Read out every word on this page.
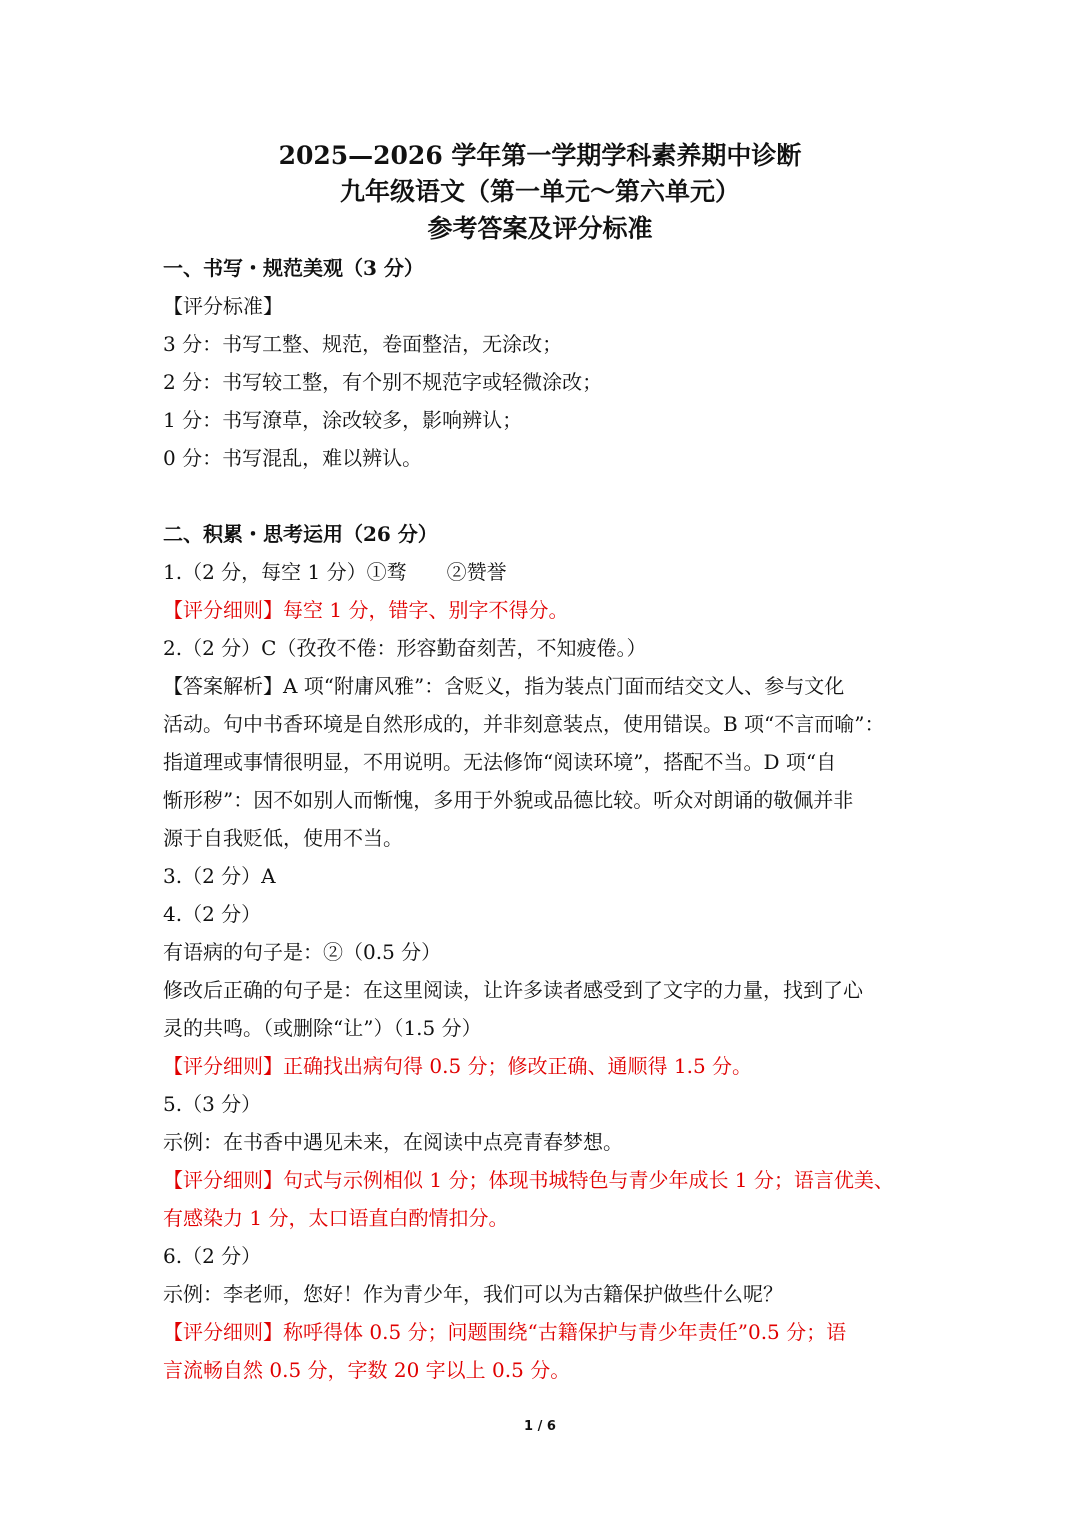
2025—2026 学年第一学期学科素养期中诊断
九年级语文（第一单元～第六单元）
参考答案及评分标准
一、书写・规范美观（3 分）
【评分标准】
3 分：书写工整、规范，卷面整洁，无涂改；
2 分：书写较工整，有个别不规范字或轻微涂改；
1 分：书写潦草，涂改较多，影响辨认；
0 分：书写混乱，难以辨认。
二、积累・思考运用（26 分）
1.（2 分，每空 1 分）①骛　　②赞誉
【评分细则】每空 1 分，错字、别字不得分。
2.（2 分）C（孜孜不倦：形容勤奋刻苦，不知疲倦。）
【答案解析】A 项“附庸风雅”：含贬义，指为装点门面而结交文人、参与文化
活动。句中书香环境是自然形成的，并非刻意装点，使用错误。B 项“不言而喻”：
指道理或事情很明显，不用说明。无法修饰“阅读环境”，搭配不当。D 项“自
惭形秽”：因不如别人而惭愧，多用于外貌或品德比较。听众对朗诵的敬佩并非
源于自我贬低，使用不当。
3.（2 分）A
4.（2 分）
有语病的句子是：②（0.5 分）
修改后正确的句子是：在这里阅读，让许多读者感受到了文字的力量，找到了心
灵的共鸣。（或删除“让”）（1.5 分）
【评分细则】正确找出病句得 0.5 分；修改正确、通顺得 1.5 分。
5.（3 分）
示例：在书香中遇见未来，在阅读中点亮青春梦想。
【评分细则】句式与示例相似 1 分；体现书城特色与青少年成长 1 分；语言优美、
有感染力 1 分，太口语直白酌情扣分。
6.（2 分）
示例：李老师，您好！作为青少年，我们可以为古籍保护做些什么呢？
【评分细则】称呼得体 0.5 分；问题围绕“古籍保护与青少年责任”0.5 分；语
言流畅自然 0.5 分，字数 20 字以上 0.5 分。
1 / 6
